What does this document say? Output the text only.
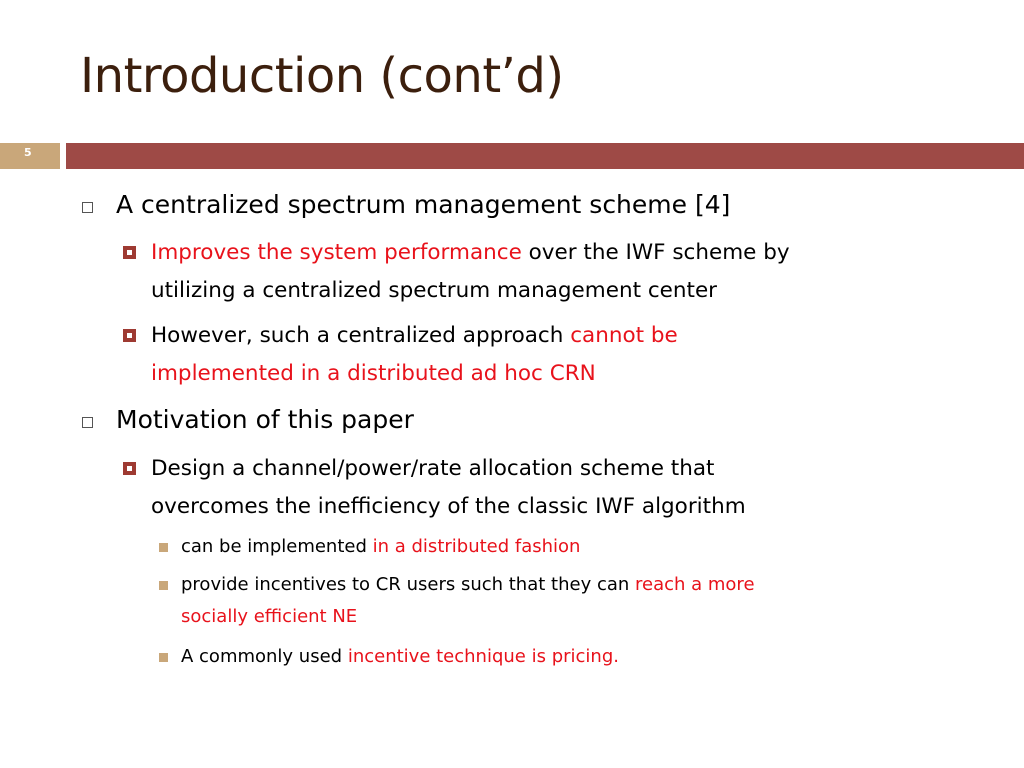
Introduction (cont’d)
5
A centralized spectrum management scheme [4]
Improves the system performance over the IWF scheme by
utilizing a centralized spectrum management center
However, such a centralized approach cannot be
implemented in a distributed ad hoc CRN
Motivation of this paper
Design a channel/power/rate allocation scheme that
overcomes the inefficiency of the classic IWF algorithm
can be implemented in a distributed fashion
provide incentives to CR users such that they can reach a more
socially efficient NE
A commonly used incentive technique is pricing.
